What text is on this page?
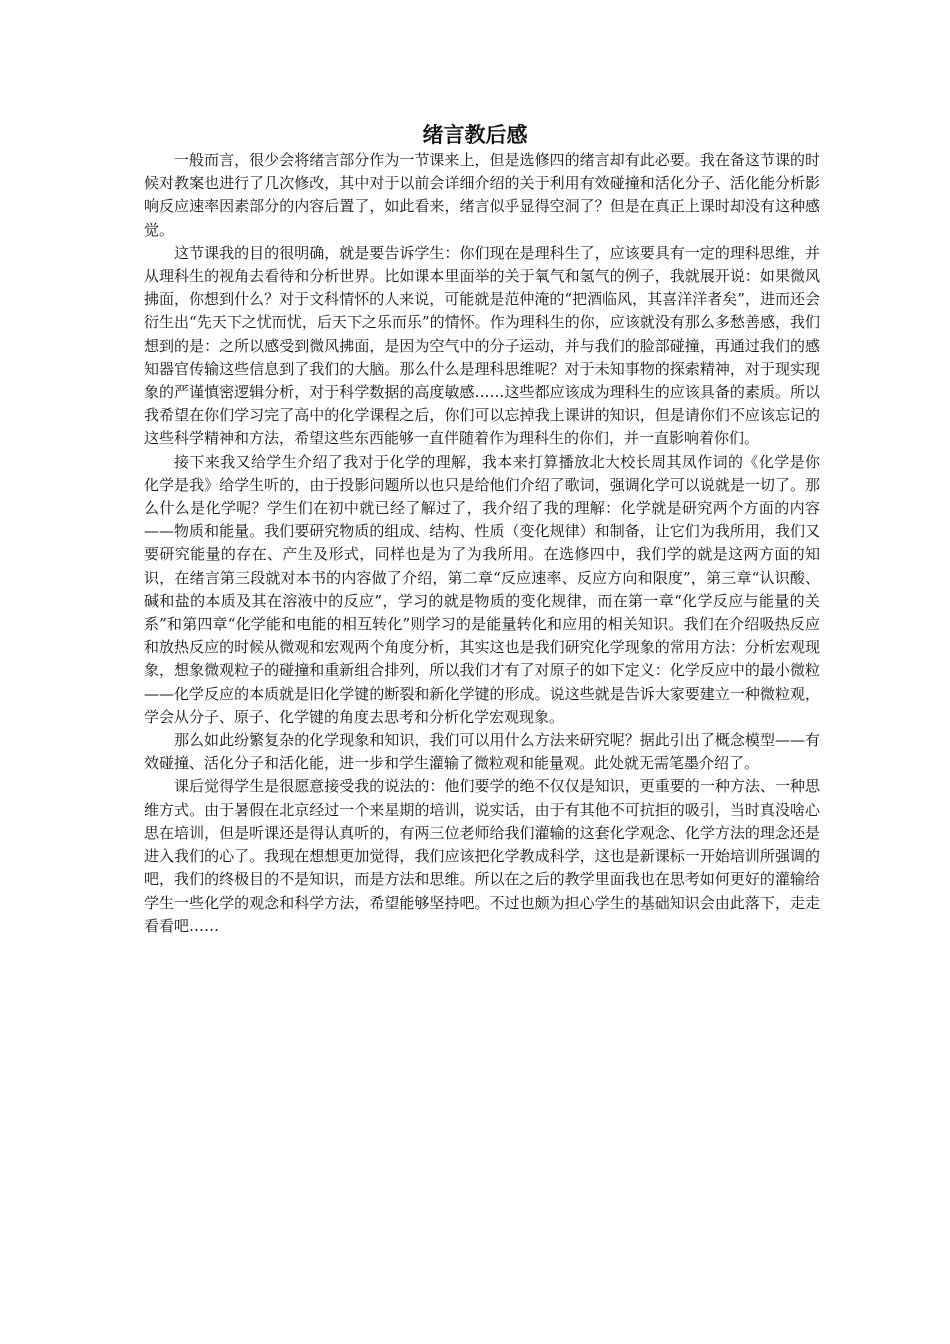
绪言教后感

一般而言，很少会将绪言部分作为一节课来上，但是选修四的绪言却有此必要。我在备这节课的时候对教案也进行了几次修改，其中对于以前会详细介绍的关于利用有效碰撞和活化分子、活化能分析影响反应速率因素部分的内容后置了，如此看来，绪言似乎显得空洞了？但是在真正上课时却没有这种感觉。

这节课我的目的很明确，就是要告诉学生：你们现在是理科生了，应该要具有一定的理科思维，并从理科生的视角去看待和分析世界。比如课本里面举的关于氧气和氢气的例子，我就展开说：如果微风拂面，你想到什么？对于文科情怀的人来说，可能就是范仲淹的“把酒临风，其喜洋洋者矣”，进而还会衍生出“先天下之忧而忧，后天下之乐而乐”的情怀。作为理科生的你，应该就没有那么多愁善感，我们想到的是：之所以感受到微风拂面，是因为空气中的分子运动，并与我们的脸部碰撞，再通过我们的感知器官传输这些信息到了我们的大脑。那么什么是理科思维呢？对于未知事物的探索精神，对于现实现象的严谨慎密逻辑分析，对于科学数据的高度敏感……这些都应该成为理科生的应该具备的素质。所以我希望在你们学习完了高中的化学课程之后，你们可以忘掉我上课讲的知识，但是请你们不应该忘记的这些科学精神和方法，希望这些东西能够一直伴随着作为理科生的你们，并一直影响着你们。

接下来我又给学生介绍了我对于化学的理解，我本来打算播放北大校长周其凤作词的《化学是你 化学是我》给学生听的，由于投影问题所以也只是给他们介绍了歌词，强调化学可以说就是一切了。那么什么是化学呢？学生们在初中就已经了解过了，我介绍了我的理解：化学就是研究两个方面的内容——物质和能量。我们要研究物质的组成、结构、性质（变化规律）和制备，让它们为我所用，我们又要研究能量的存在、产生及形式，同样也是为了为我所用。在选修四中，我们学的就是这两方面的知识，在绪言第三段就对本书的内容做了介绍，第二章“反应速率、反应方向和限度”，第三章“认识酸、碱和盐的本质及其在溶液中的反应”，学习的就是物质的变化规律，而在第一章“化学反应与能量的关系”和第四章“化学能和电能的相互转化”则学习的是能量转化和应用的相关知识。我们在介绍吸热反应和放热反应的时候从微观和宏观两个角度分析，其实这也是我们研究化学现象的常用方法：分析宏观现象，想象微观粒子的碰撞和重新组合排列，所以我们才有了对原子的如下定义：化学反应中的最小微粒——化学反应的本质就是旧化学键的断裂和新化学键的形成。说这些就是告诉大家要建立一种微粒观，学会从分子、原子、化学键的角度去思考和分析化学宏观现象。

那么如此纷繁复杂的化学现象和知识，我们可以用什么方法来研究呢？据此引出了概念模型——有效碰撞、活化分子和活化能，进一步和学生灌输了微粒观和能量观。此处就无需笔墨介绍了。

课后觉得学生是很愿意接受我的说法的：他们要学的绝不仅仅是知识，更重要的一种方法、一种思维方式。由于暑假在北京经过一个来星期的培训，说实话，由于有其他不可抗拒的吸引，当时真没啥心思在培训，但是听课还是得认真听的，有两三位老师给我们灌输的这套化学观念、化学方法的理念还是进入我们的心了。我现在想想更加觉得，我们应该把化学教成科学，这也是新课标一开始培训所强调的吧，我们的终极目的不是知识，而是方法和思维。所以在之后的教学里面我也在思考如何更好的灌输给学生一些化学的观念和科学方法，希望能够坚持吧。不过也颇为担心学生的基础知识会由此落下，走走看看吧……
